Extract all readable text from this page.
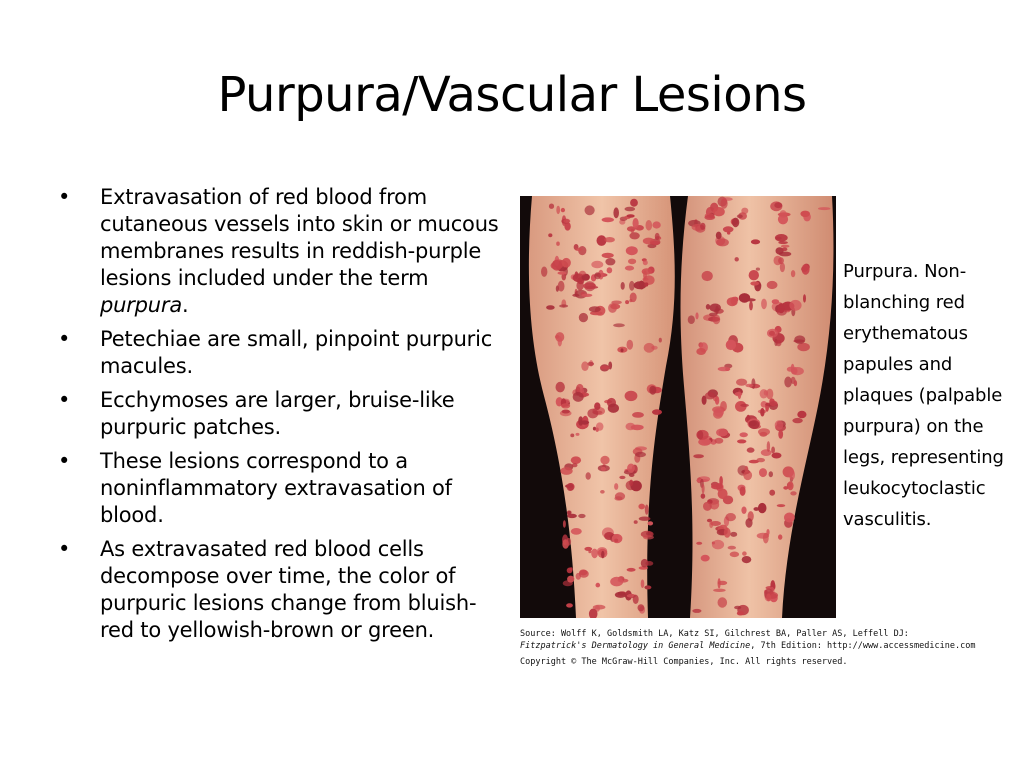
Purpura/Vascular Lesions
• Extravasation of red blood from cutaneous vessels into skin or mucous membranes results in reddish-purple lesions included under the term purpura.
• Petechiae are small, pinpoint purpuric macules.
• Ecchymoses are larger, bruise-like purpuric patches.
• These lesions correspond to a noninflammatory extravasation of blood.
• As extravasated red blood cells decompose over time, the color of purpuric lesions change from bluish-red to yellowish-brown or green.
Purpura. Non-blanching red erythematous papules and plaques (palpable purpura) on the legs, representing leukocytoclastic vasculitis.
Source: Wolff K, Goldsmith LA, Katz SI, Gilchrest BA, Paller AS, Leffell DJ:
Fitzpatrick's Dermatology in General Medicine, 7th Edition: http://www.accessmedicine.com
Copyright © The McGraw-Hill Companies, Inc. All rights reserved.
